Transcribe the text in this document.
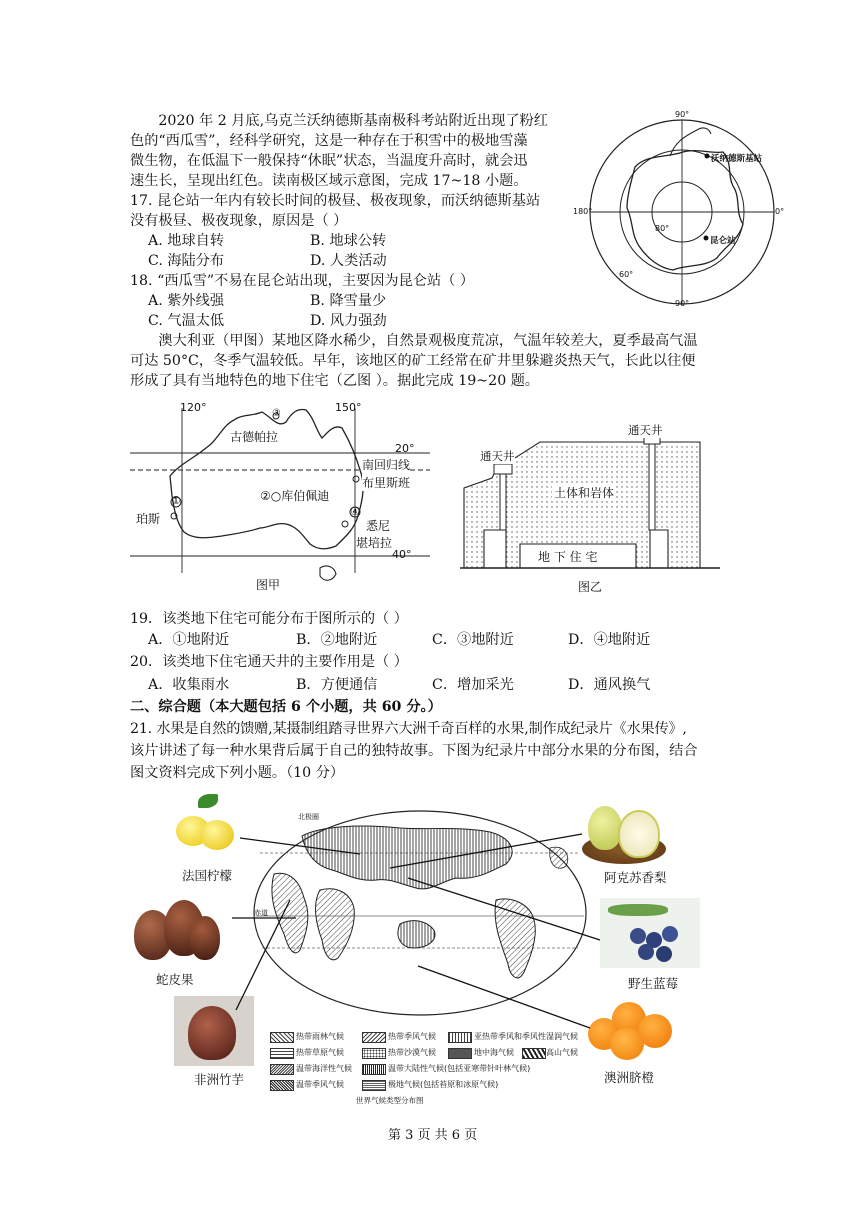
2020 年 2 月底,乌克兰沃纳德斯基南极科考站附近出现了粉红
色的“西瓜雪”，经科学研究，这是一种存在于积雪中的极地雪藻
微生物，在低温下一般保持“休眠”状态，当温度升高时，就会迅
速生长，呈现出红色。读南极区域示意图，完成 17~18 小题。
17. 昆仑站一年内有较长时间的极昼、极夜现象，而沃纳德斯基站
没有极昼、极夜现象，原因是（ ）
A. 地球自转	B. 地球公转
C. 海陆分布	D. 人类活动
18. “西瓜雪”不易在昆仑站出现，主要因为昆仑站（ ）
A. 紫外线强	B. 降雪量少
C. 气温太低	D. 风力强劲
90°
90°
180°	0°
80°
60°
沃纳德斯基站
昆仑站
澳大利亚（甲图）某地区降水稀少，自然景观极度荒凉，气温年较差大，夏季最高气温
可达 50°C，冬季气温较低。早年，该地区的矿工经常在矿井里躲避炎热天气，长此以往便
形成了具有当地特色的地下住宅（乙图 ）。据此完成 19~20 题。
120°	150°
20°
40°
③
古德帕拉
南回归线
布里斯班
②○库伯佩迪
①
珀斯
④
悉尼
堪培拉
图甲
通天井
通天井
土体和岩体
地 下 住 宅
图乙
19．该类地下住宅可能分布于图所示的（ ）
A．①地附近	B．②地附近	C．③地附近	D．④地附近
20．该类地下住宅通天井的主要作用是（ ）
A．收集雨水	B．方便通信	C．增加采光	D．通风换气
二、综合题（本大题包括 6 个小题，共 60 分。）
21. 水果是自然的馈赠,某摄制组踏寻世界六大洲千奇百样的水果,制作成纪录片《水果传》,
该片讲述了每一种水果背后属于自己的独特故事。下图为纪录片中部分水果的分布图，结合
图文资料完成下列小题。（10 分）
北极圈
赤道
热带雨林气候	热带季风气候	亚热带季风和季风性湿润气候
热带草原气候	热带沙漠气候	地中海气候	高山气候
温带海洋性气候	温带大陆性气候(包括亚寒带针叶林气候)
温带季风气候	极地气候(包括苔原和冰原气候)
世界气候类型分布图
法国柠檬
蛇皮果
非洲竹芋
阿克苏香梨
野生蓝莓
澳洲脐橙
第 3 页 共 6 页
